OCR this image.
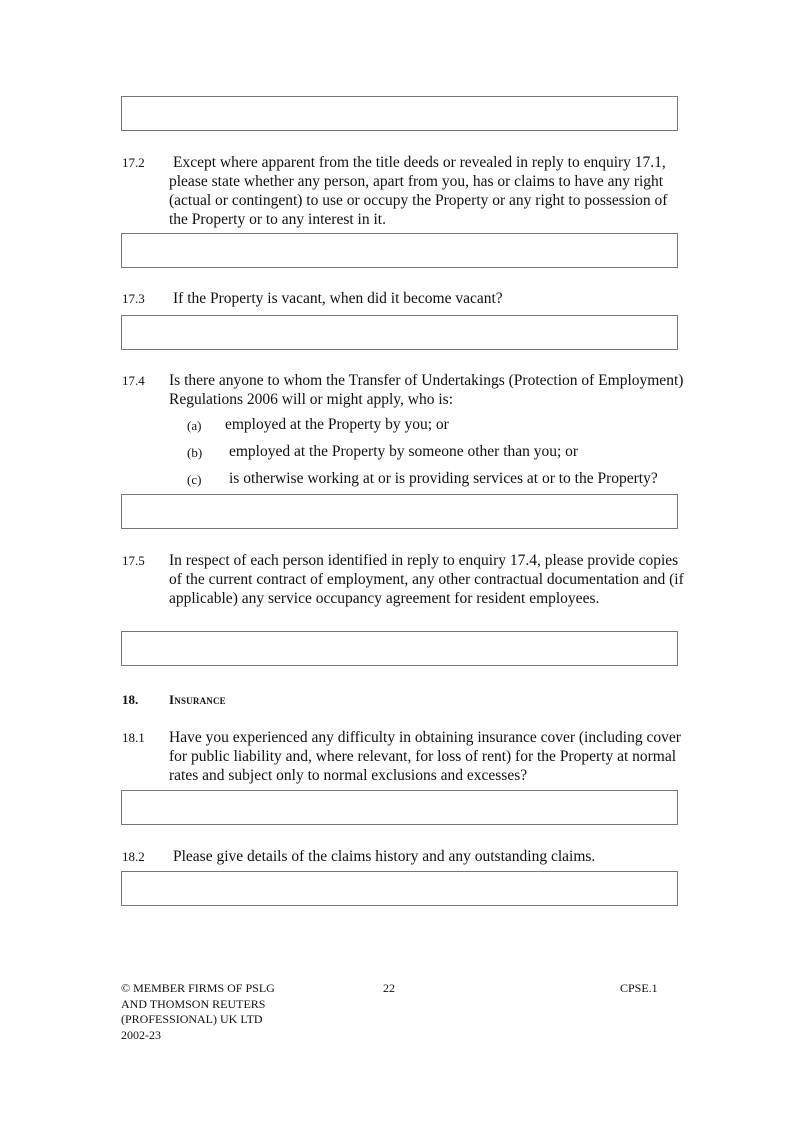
17.2 Except where apparent from the title deeds or revealed in reply to enquiry 17.1, please state whether any person, apart from you, has or claims to have any right (actual or contingent) to use or occupy the Property or any right to possession of the Property or to any interest in it.
17.3 If the Property is vacant, when did it become vacant?
17.4 Is there anyone to whom the Transfer of Undertakings (Protection of Employment) Regulations 2006 will or might apply, who is:
(a) employed at the Property by you; or
(b) employed at the Property by someone other than you; or
(c) is otherwise working at or is providing services at or to the Property?
17.5 In respect of each person identified in reply to enquiry 17.4, please provide copies of the current contract of employment, any other contractual documentation and (if applicable) any service occupancy agreement for resident employees.
18. Insurance
18.1 Have you experienced any difficulty in obtaining insurance cover (including cover for public liability and, where relevant, for loss of rent) for the Property at normal rates and subject only to normal exclusions and excesses?
18.2 Please give details of the claims history and any outstanding claims.
© MEMBER FIRMS OF PSLG
AND THOMSON REUTERS
(PROFESSIONAL) UK LTD
2002-23
22	CPSE.1
